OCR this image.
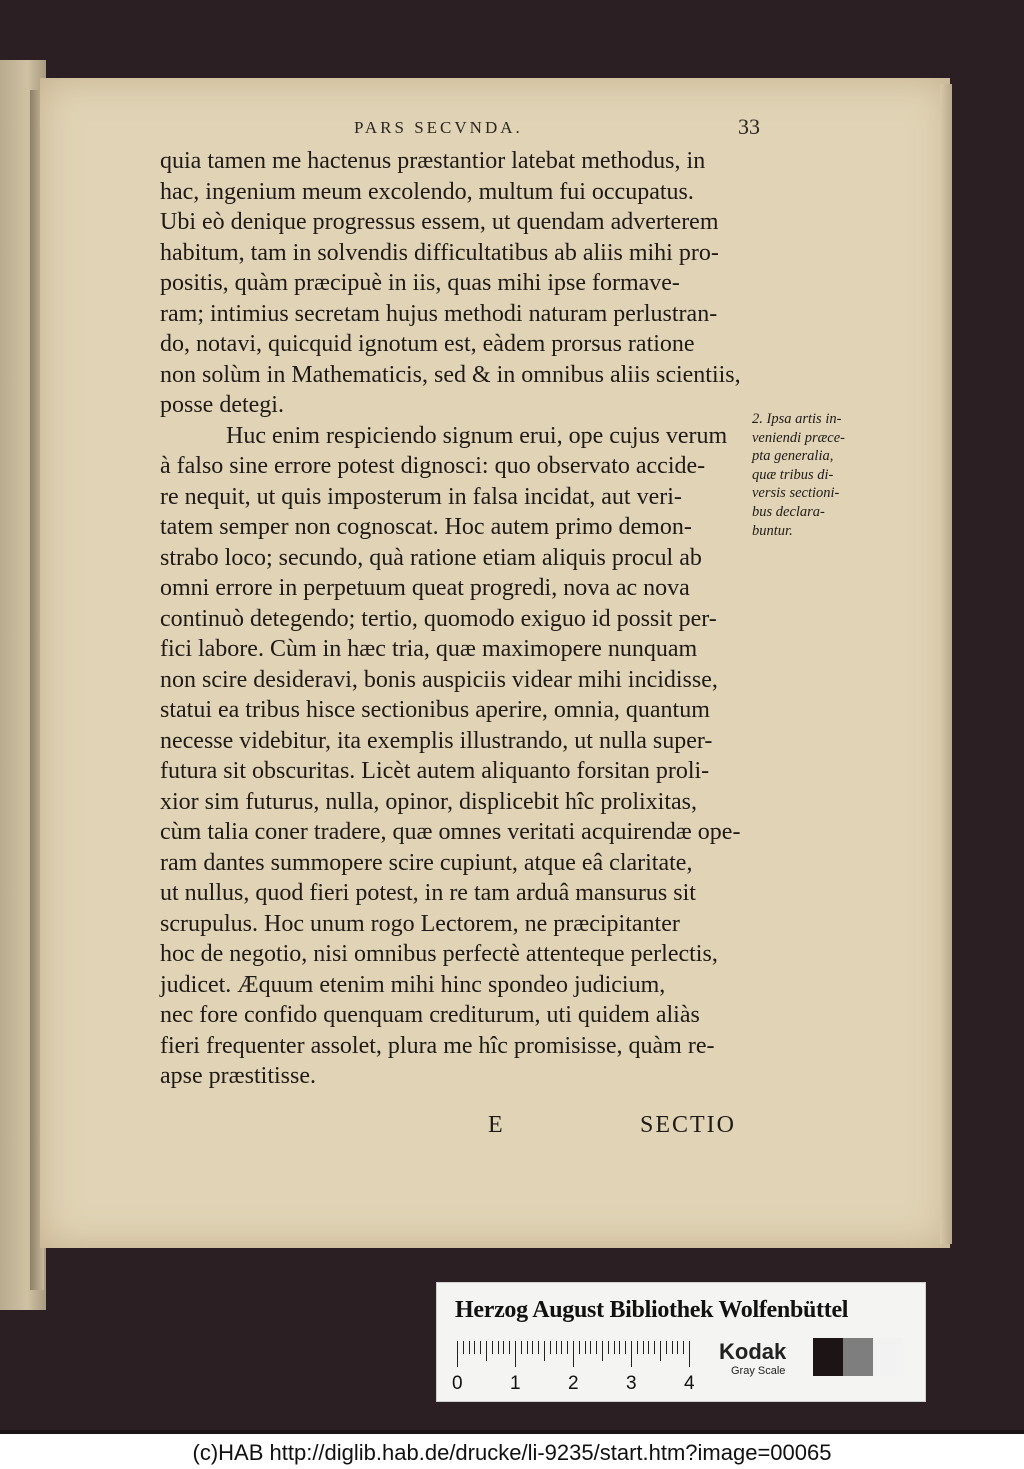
PARS SECVNDA.	33
quia tamen me hactenus præstantior latebat methodus, in
hac, ingenium meum excolendo, multum fui occupatus.
Ubi eò denique progressus essem, ut quendam adverterem
habitum, tam in solvendis difficultatibus ab aliis mihi pro-
positis, quàm præcipuè in iis, quas mihi ipse formave-
ram; intimius secretam hujus methodi naturam perlustran-
do, notavi, quicquid ignotum est, eàdem prorsus ratione
non solùm in Mathematicis, sed & in omnibus aliis scientiis,
posse detegi.
Huc enim respiciendo signum erui, ope cujus verum
à falso sine errore potest dignosci: quo observato accide-
re nequit, ut quis imposterum in falsa incidat, aut veri-
tatem semper non cognoscat. Hoc autem primo demon-
strabo loco; secundo, quà ratione etiam aliquis procul ab
omni errore in perpetuum queat progredi, nova ac nova
continuò detegendo; tertio, quomodo exiguo id possit per-
fici labore. Cùm in hæc tria, quæ maximopere nunquam
non scire desideravi, bonis auspiciis videar mihi incidisse,
statui ea tribus hisce sectionibus aperire, omnia, quantum
necesse videbitur, ita exemplis illustrando, ut nulla super-
futura sit obscuritas. Licèt autem aliquanto forsitan proli-
xior sim futurus, nulla, opinor, displicebit hîc prolixitas,
cùm talia coner tradere, quæ omnes veritati acquirendæ ope-
ram dantes summopere scire cupiunt, atque eâ claritate,
ut nullus, quod fieri potest, in re tam arduâ mansurus sit
scrupulus. Hoc unum rogo Lectorem, ne præcipitanter
hoc de negotio, nisi omnibus perfectè attenteque perlectis,
judicet. Æquum etenim mihi hinc spondeo judicium,
nec fore confido quenquam crediturum, uti quidem aliàs
fieri frequenter assolet, plura me hîc promisisse, quàm re-
apse præstitisse.
2. Ipsa artis in-
veniendi præce-
pta generalia,
quæ tribus di-
versis sectioni-
bus declara-
buntur.
E	SECTIO
Herzog August Bibliothek Wolfenbüttel
0 1 2 3 4
Kodak
Gray Scale
(c)HAB http://diglib.hab.de/drucke/li-9235/start.htm?image=00065
